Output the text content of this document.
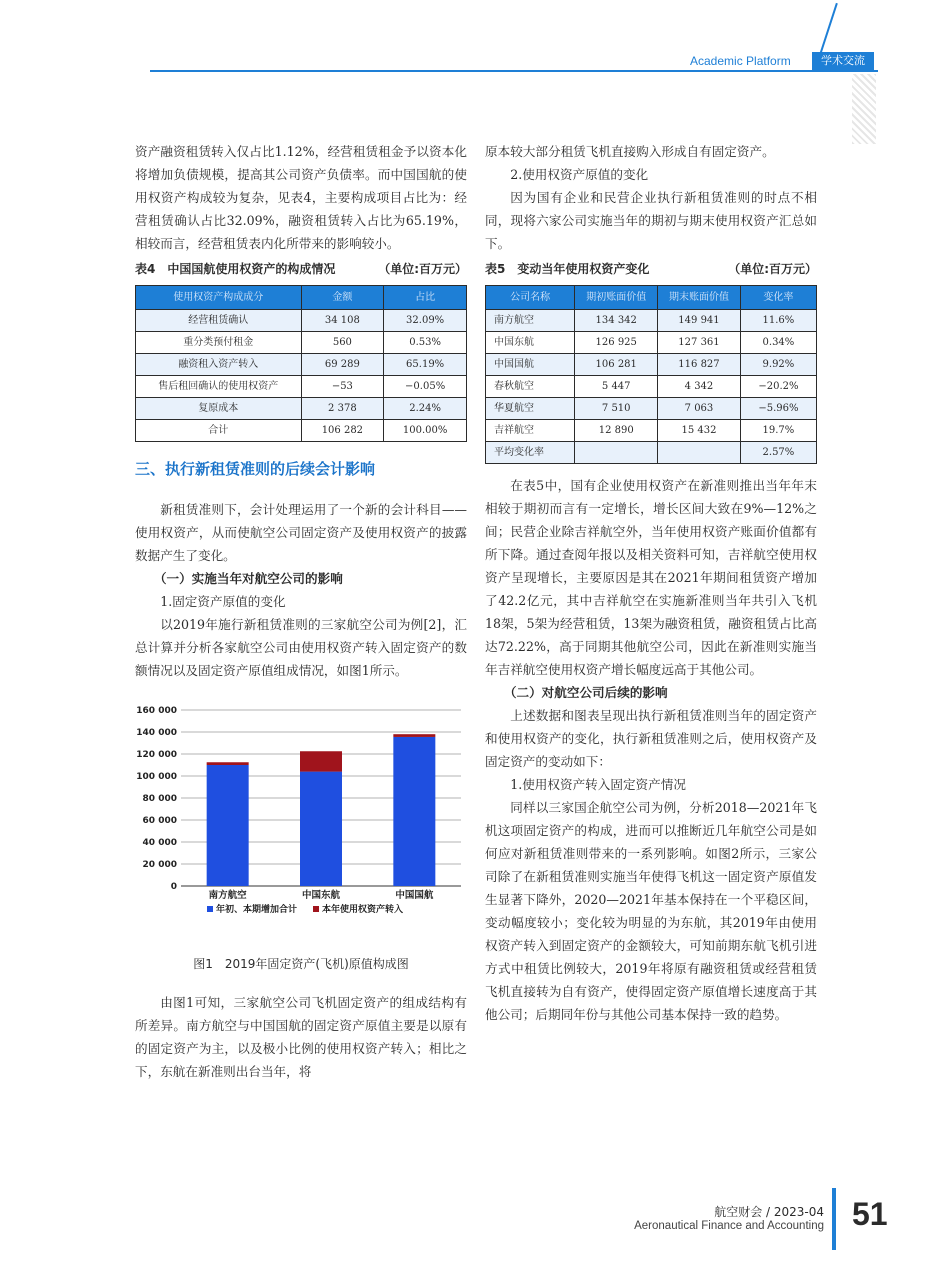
Academic Platform	学术交流

资产融资租赁转入仅占比1.12%，经营租赁租金予以资本化将增加负债规模，提高其公司资产负债率。而中国国航的使用权资产构成较为复杂，见表4，主要构成项目占比为：经营租赁确认占比32.09%，融资租赁转入占比为65.19%，相较而言，经营租赁表内化所带来的影响较小。

表4　中国国航使用权资产的构成情况	（单位:百万元）
使用权资产构成成分	金额	占比
经营租赁确认	34 108	32.09%
重分类预付租金	560	0.53%
融资租入资产转入	69 289	65.19%
售后租回确认的使用权资产	−53	−0.05%
复原成本	2 378	2.24%
合计	106 282	100.00%
三、执行新租赁准则的后续会计影响

新租赁准则下，会计处理运用了一个新的会计科目——使用权资产，从而使航空公司固定资产及使用权资产的披露数据产生了变化。

（一）实施当年对航空公司的影响

1.固定资产原值的变化

以2019年施行新租赁准则的三家航空公司为例[2]，汇总计算并分析各家航空公司由使用权资产转入固定资产的数额情况以及固定资产原值组成情况，如图1所示。

0
20 000
40 000
60 000
80 000
100 000
120 000
140 000
160 000
南方航空	中国东航	中国国航
年初、本期增加合计	本年使用权资产转入

图1　2019年固定资产(飞机)原值构成图

由图1可知，三家航空公司飞机固定资产的组成结构有所差异。南方航空与中国国航的固定资产原值主要是以原有的固定资产为主，以及极小比例的使用权资产转入；相比之下，东航在新准则出台当年，将

原本较大部分租赁飞机直接购入形成自有固定资产。

2.使用权资产原值的变化

因为国有企业和民营企业执行新租赁准则的时点不相同，现将六家公司实施当年的期初与期末使用权资产汇总如下。

表5　变动当年使用权资产变化	（单位:百万元）
公司名称	期初账面价值	期末账面价值	变化率
南方航空	134 342	149 941	11.6%
中国东航	126 925	127 361	0.34%
中国国航	106 281	116 827	9.92%
春秋航空	5 447	4 342	−20.2%
华夏航空	7 510	7 063	−5.96%
吉祥航空	12 890	15 432	19.7%
平均变化率			2.57%

在表5中，国有企业使用权资产在新准则推出当年年末相较于期初而言有一定增长，增长区间大致在9%—12%之间；民营企业除吉祥航空外，当年使用权资产账面价值都有所下降。通过查阅年报以及相关资料可知，吉祥航空使用权资产呈现增长，主要原因是其在2021年期间租赁资产增加了42.2亿元，其中吉祥航空在实施新准则当年共引入飞机18架，5架为经营租赁，13架为融资租赁，融资租赁占比高达72.22%，高于同期其他航空公司，因此在新准则实施当年吉祥航空使用权资产增长幅度远高于其他公司。

（二）对航空公司后续的影响

上述数据和图表呈现出执行新租赁准则当年的固定资产和使用权资产的变化，执行新租赁准则之后，使用权资产及固定资产的变动如下：

1.使用权资产转入固定资产情况

同样以三家国企航空公司为例，分析2018—2021年飞机这项固定资产的构成，进而可以推断近几年航空公司是如何应对新租赁准则带来的一系列影响。如图2所示，三家公司除了在新租赁准则实施当年使得飞机这一固定资产原值发生显著下降外，2020—2021年基本保持在一个平稳区间，变动幅度较小；变化较为明显的为东航，其2019年由使用权资产转入到固定资产的金额较大，可知前期东航飞机引进方式中租赁比例较大，2019年将原有融资租赁或经营租赁飞机直接转为自有资产，使得固定资产原值增长速度高于其他公司；后期同年份与其他公司基本保持一致的趋势。

航空财会 / 2023-04
Aeronautical Finance and Accounting 51
